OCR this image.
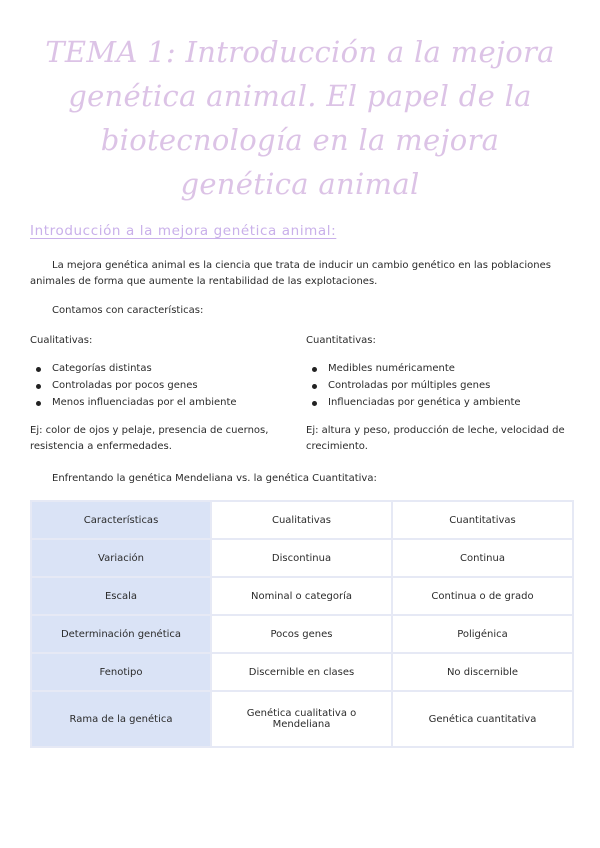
TEMA 1: Introducción a la mejora genética animal. El papel de la biotecnología en la mejora genética animal
Introducción a la mejora genética animal:
La mejora genética animal es la ciencia que trata de inducir un cambio genético en las poblaciones animales de forma que aumente la rentabilidad de las explotaciones.
Contamos con características:
Cualitativas:
Categorías distintas
Controladas por pocos genes
Menos influenciadas por el ambiente
Ej: color de ojos y pelaje, presencia de cuernos, resistencia a enfermedades.
Cuantitativas:
Medibles numéricamente
Controladas por múltiples genes
Influenciadas por genética y ambiente
Ej: altura y peso, producción de leche, velocidad de crecimiento.
Enfrentando la genética Mendeliana vs. la genética Cuantitativa:
Características	Cualitativas	Cuantitativas
Variación	Discontinua	Continua
Escala	Nominal o categoría	Continua o de grado
Determinación genética	Pocos genes	Poligénica
Fenotipo	Discernible en clases	No discernible
Rama de la genética	Genética cualitativa o Mendeliana	Genética cuantitativa
